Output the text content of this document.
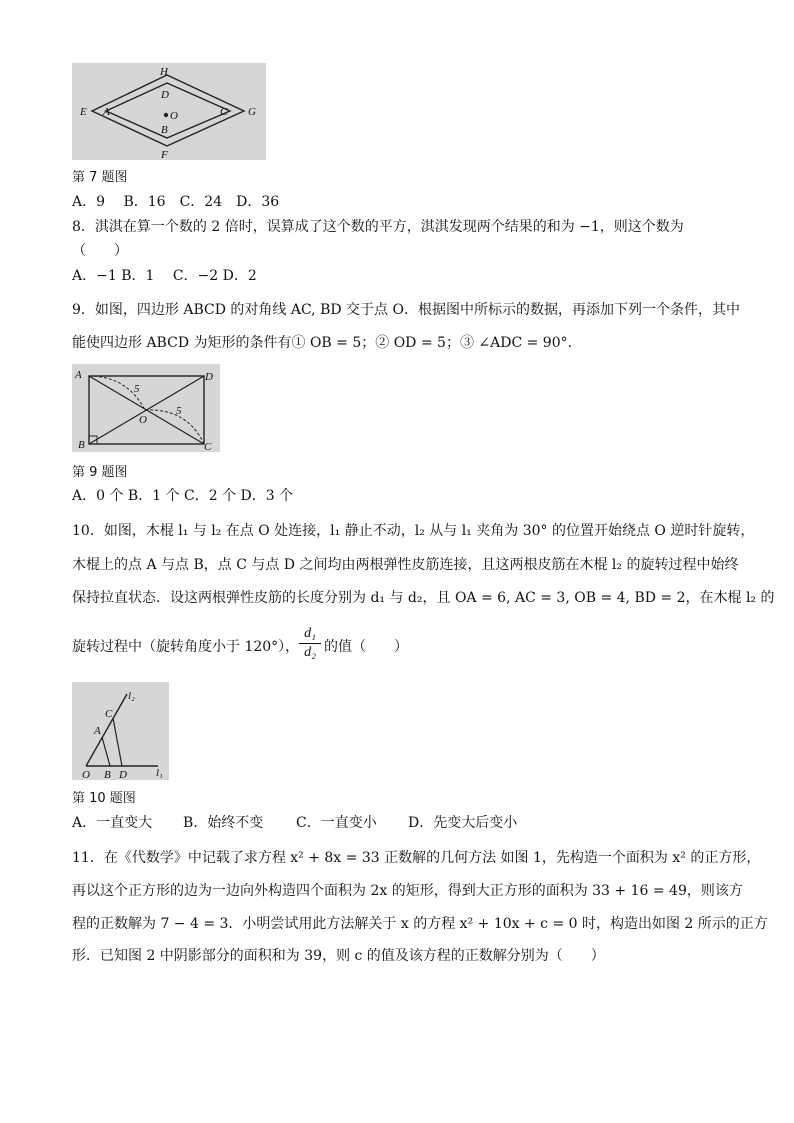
H
D
O
B
F
E A	C G
第 7 题图
A．9　 B．16　C．24　D．36
8．淇淇在算一个数的 2 倍时，误算成了这个数的平方，淇淇发现两个结果的和为 −1，则这个数为
（　　）
A．−1 B．1　 C．−2 D．2
9．如图，四边形 ABCD 的对角线 AC, BD 交于点 O．根据图中所标示的数据，再添加下列一个条件，其中
能使四边形 ABCD 为矩形的条件有① OB = 5；② OD = 5；③ ∠ADC = 90°．
A	D
B	C
O
5
5
第 9 题图
A．0 个 B．1 个 C．2 个 D．3 个
10．如图，木棍 l₁ 与 l₂ 在点 O 处连接，l₁ 静止不动，l₂ 从与 l₁ 夹角为 30° 的位置开始绕点 O 逆时针旋转，
木棍上的点 A 与点 B，点 C 与点 D 之间均由两根弹性皮筋连接，且这两根皮筋在木棍 l₂ 的旋转过程中始终
保持拉直状态．设这两根弹性皮筋的长度分别为 d₁ 与 d₂，且 OA = 6, AC = 3, OB = 4, BD = 2，在木棍 l₂ 的
旋转过程中（旋转角度小于 120°），
d₁
d₂ 的值（　　）
l₂
l₁
C
A
O B D
第 10 题图
A．一直变大 B．始终不变 C．一直变小 D．先变大后变小
11．在《代数学》中记载了求方程 x² + 8x = 33 正数解的几何方法 如图 1，先构造一个面积为 x² 的正方形，
再以这个正方形的边为一边向外构造四个面积为 2x 的矩形，得到大正方形的面积为 33 + 16 = 49，则该方
程的正数解为 7 − 4 = 3．小明尝试用此方法解关于 x 的方程 x² + 10x + c = 0 时，构造出如图 2 所示的正方
形．已知图 2 中阴影部分的面积和为 39，则 c 的值及该方程的正数解分别为（　　）
